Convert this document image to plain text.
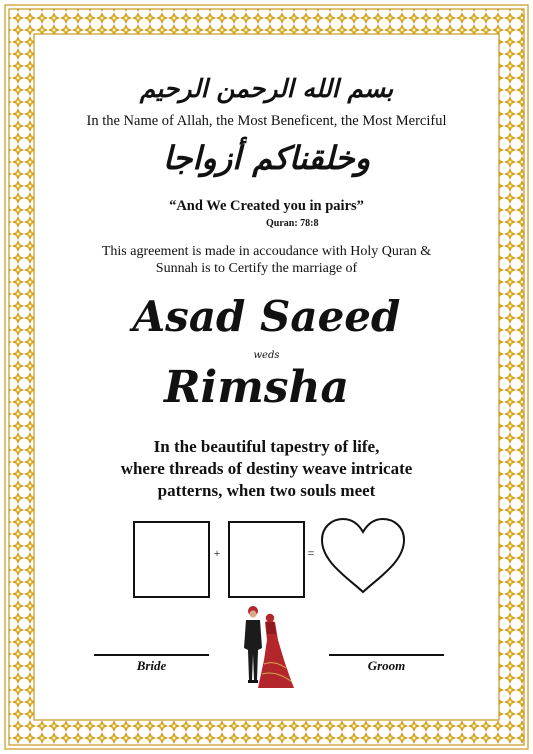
بسم الله الرحمن الرحيم
In the Name of Allah, the Most Beneficent, the Most Merciful
وخلقناكم أزواجا
“And We Created you in pairs”
Quran: 78:8
This agreement is made in accoudance with Holy Quran &
Sunnah is to Certify the marriage of
Asad Saeed
weds
Rimsha
In the beautiful tapestry of life,
where threads of destiny weave intricate
patterns, when two souls meet
+	=
Bride	Groom
